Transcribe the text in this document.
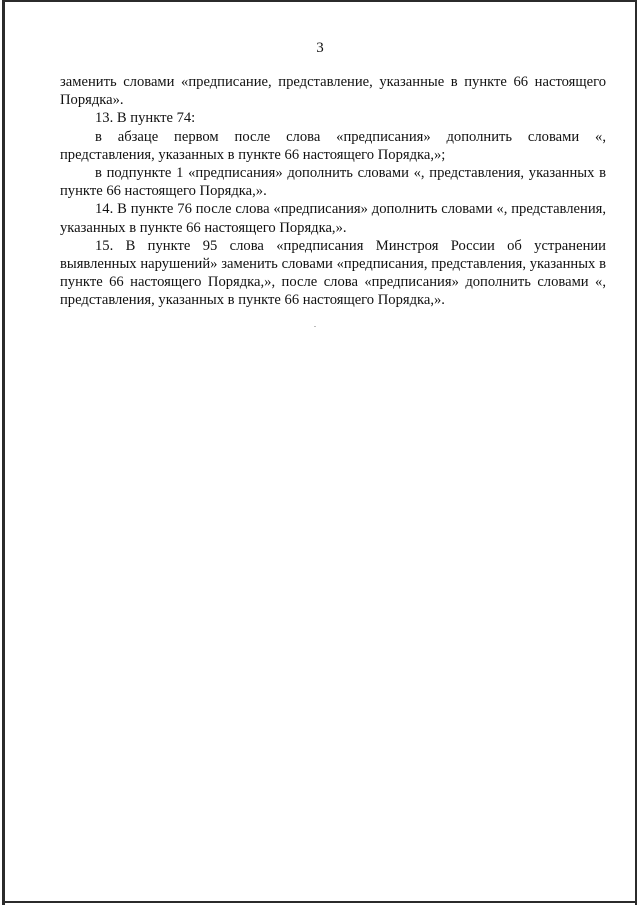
3

заменить словами «предписание, представление, указанные в пункте 66 настоящего Порядка».

13. В пункте 74:

в абзаце первом после слова «предписания» дополнить словами «, представления, указанных в пункте 66 настоящего Порядка,»;

в подпункте 1 «предписания» дополнить словами «, представления, указанных в пункте 66 настоящего Порядка,».

14. В пункте 76 после слова «предписания» дополнить словами «, представления, указанных в пункте 66 настоящего Порядка,».

15. В пункте 95 слова «предписания Минстроя России об устранении выявленных нарушений» заменить словами «предписания, представления, указанных в пункте 66 настоящего Порядка,», после слова «предписания» дополнить словами «, представления, указанных в пункте 66 настоящего Порядка,».
